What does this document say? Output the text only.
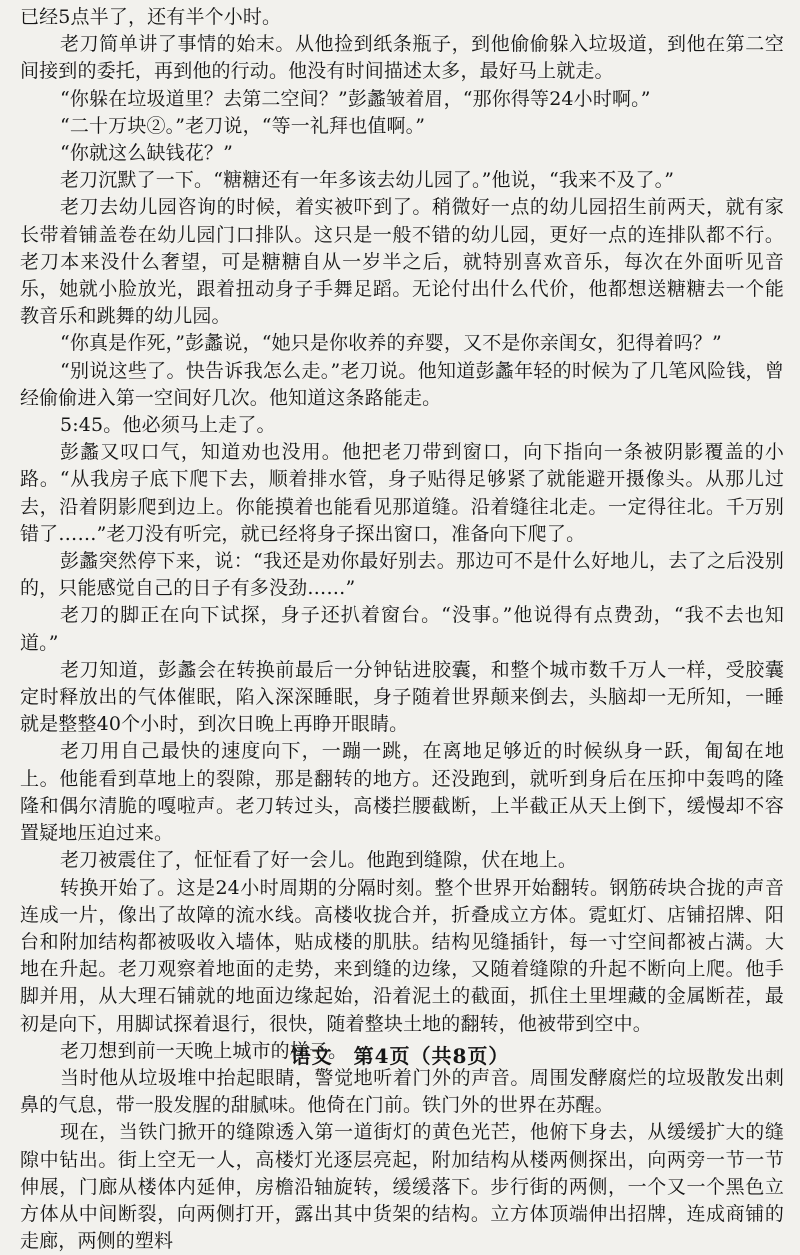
已经5点半了，还有半个小时。

老刀简单讲了事情的始末。从他捡到纸条瓶子，到他偷偷躲入垃圾道，到他在第二空间接到的委托，再到他的行动。他没有时间描述太多，最好马上就走。

“你躲在垃圾道里？去第二空间？”彭蠡皱着眉，“那你得等24小时啊。”

“二十万块②。”老刀说，“等一礼拜也值啊。”

“你就这么缺钱花？”

老刀沉默了一下。“糖糖还有一年多该去幼儿园了。”他说，“我来不及了。”

老刀去幼儿园咨询的时候，着实被吓到了。稍微好一点的幼儿园招生前两天，就有家长带着铺盖卷在幼儿园门口排队。这只是一般不错的幼儿园，更好一点的连排队都不行。老刀本来没什么奢望，可是糖糖自从一岁半之后，就特别喜欢音乐，每次在外面听见音乐，她就小脸放光，跟着扭动身子手舞足蹈。无论付出什么代价，他都想送糖糖去一个能教音乐和跳舞的幼儿园。

“你真是作死，”彭蠡说，“她只是你收养的弃婴，又不是你亲闺女，犯得着吗？”

“别说这些了。快告诉我怎么走。”老刀说。他知道彭蠡年轻的时候为了几笔风险钱，曾经偷偷进入第一空间好几次。他知道这条路能走。

5:45。他必须马上走了。

彭蠡又叹口气，知道劝也没用。他把老刀带到窗口，向下指向一条被阴影覆盖的小路。“从我房子底下爬下去，顺着排水管，身子贴得足够紧了就能避开摄像头。从那儿过去，沿着阴影爬到边上。你能摸着也能看见那道缝。沿着缝往北走。一定得往北。千万别错了……”老刀没有听完，就已经将身子探出窗口，准备向下爬了。

彭蠡突然停下来，说：“我还是劝你最好别去。那边可不是什么好地儿，去了之后没别的，只能感觉自己的日子有多没劲……”

老刀的脚正在向下试探，身子还扒着窗台。“没事。”他说得有点费劲，“我不去也知道。”

老刀知道，彭蠡会在转换前最后一分钟钻进胶囊，和整个城市数千万人一样，受胶囊定时释放出的气体催眠，陷入深深睡眠，身子随着世界颠来倒去，头脑却一无所知，一睡就是整整40个小时，到次日晚上再睁开眼睛。

老刀用自己最快的速度向下，一蹦一跳，在离地足够近的时候纵身一跃，匍匐在地上。他能看到草地上的裂隙，那是翻转的地方。还没跑到，就听到身后在压抑中轰鸣的隆隆和偶尔清脆的嘎啦声。老刀转过头，高楼拦腰截断，上半截正从天上倒下，缓慢却不容置疑地压迫过来。

老刀被震住了，怔怔看了好一会儿。他跑到缝隙，伏在地上。

转换开始了。这是24小时周期的分隔时刻。整个世界开始翻转。钢筋砖块合拢的声音连成一片，像出了故障的流水线。高楼收拢合并，折叠成立方体。霓虹灯、店铺招牌、阳台和附加结构都被吸收入墙体，贴成楼的肌肤。结构见缝插针，每一寸空间都被占满。大地在升起。老刀观察着地面的走势，来到缝的边缘，又随着缝隙的升起不断向上爬。他手脚并用，从大理石铺就的地面边缘起始，沿着泥土的截面，抓住土里埋藏的金属断茬，最初是向下，用脚试探着退行，很快，随着整块土地的翻转，他被带到空中。

老刀想到前一天晚上城市的样子。

当时他从垃圾堆中抬起眼睛，警觉地听着门外的声音。周围发酵腐烂的垃圾散发出刺鼻的气息，带一股发腥的甜腻味。他倚在门前。铁门外的世界在苏醒。

现在，当铁门掀开的缝隙透入第一道街灯的黄色光芒，他俯下身去，从缓缓扩大的缝隙中钻出。街上空无一人，高楼灯光逐层亮起，附加结构从楼两侧探出，向两旁一节一节伸展，门廊从楼体内延伸，房檐沿轴旋转，缓缓落下。步行街的两侧，一个又一个黑色立方体从中间断裂，向两侧打开，露出其中货架的结构。立方体顶端伸出招牌，连成商铺的走廊，两侧的塑料

语文　第4页（共8页）
